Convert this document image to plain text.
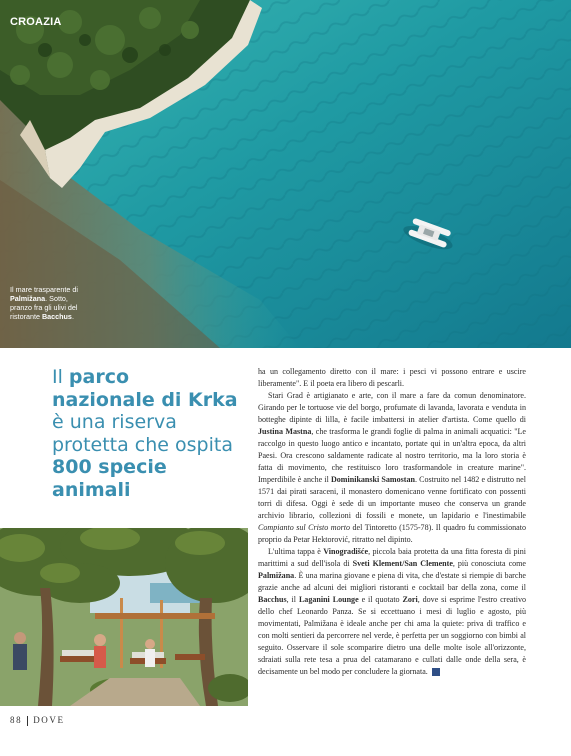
CROAZIA
Il mare trasparente di Palmižana. Sotto, pranzo fra gli ulivi del ristorante Bacchus.
Il parco nazionale di Krka è una riserva protetta che ospita 800 specie animali

ha un collegamento diretto con il mare: i pesci vi possono entrare e uscire liberamente". E il poeta era libero di pescarli.

Stari Grad è artigianato e arte, con il mare a fare da comun denominatore. Girando per le tortuose vie del borgo, profumate di lavanda, lavorata e venduta in botteghe dipinte di lilla, è facile imbattersi in atelier d'artista. Come quello di Justina Mastna, che trasforma le grandi foglie di palma in animali acquatici: "Le raccolgo in questo luogo antico e incantato, portate qui in un'altra epoca, da altri Paesi. Ora crescono saldamente radicate al nostro territorio, ma la loro storia è fatta di movimento, che restituisco loro trasformandole in creature marine". Imperdibile è anche il Dominikanski Samostan. Costruito nel 1482 e distrutto nel 1571 dai pirati saraceni, il monastero domenicano venne fortificato con possenti torri di difesa. Oggi è sede di un importante museo che conserva un grande archivio librario, collezioni di fossili e monete, un lapidario e l'inestimabile Compianto sul Cristo morto del Tintoretto (1575-78). Il quadro fu commissionato proprio da Petar Hektorović, ritratto nel dipinto.

L'ultima tappa è Vinogradišće, piccola baia protetta da una fitta foresta di pini marittimi a sud dell'isola di Sveti Klement/San Clemente, più conosciuta come Palmižana. È una marina giovane e piena di vita, che d'estate si riempie di barche grazie anche ad alcuni dei migliori ristoranti e cocktail bar della zona, come il Bacchus, il Laganini Lounge e il quotato Zori, dove si esprime l'estro creativo dello chef Leonardo Panza. Se si eccettuano i mesi di luglio e agosto, più movimentati, Palmižana è ideale anche per chi ama la quiete: priva di traffico e con molti sentieri da percorrere nel verde, è perfetta per un soggiorno con bimbi al seguito. Osservare il sole scomparire dietro una delle molte isole all'orizzonte, sdraiati sulla rete tesa a prua del catamarano e cullati dalle onde della sera, è decisamente un bel modo per concludere la giornata.

88 DOVE
